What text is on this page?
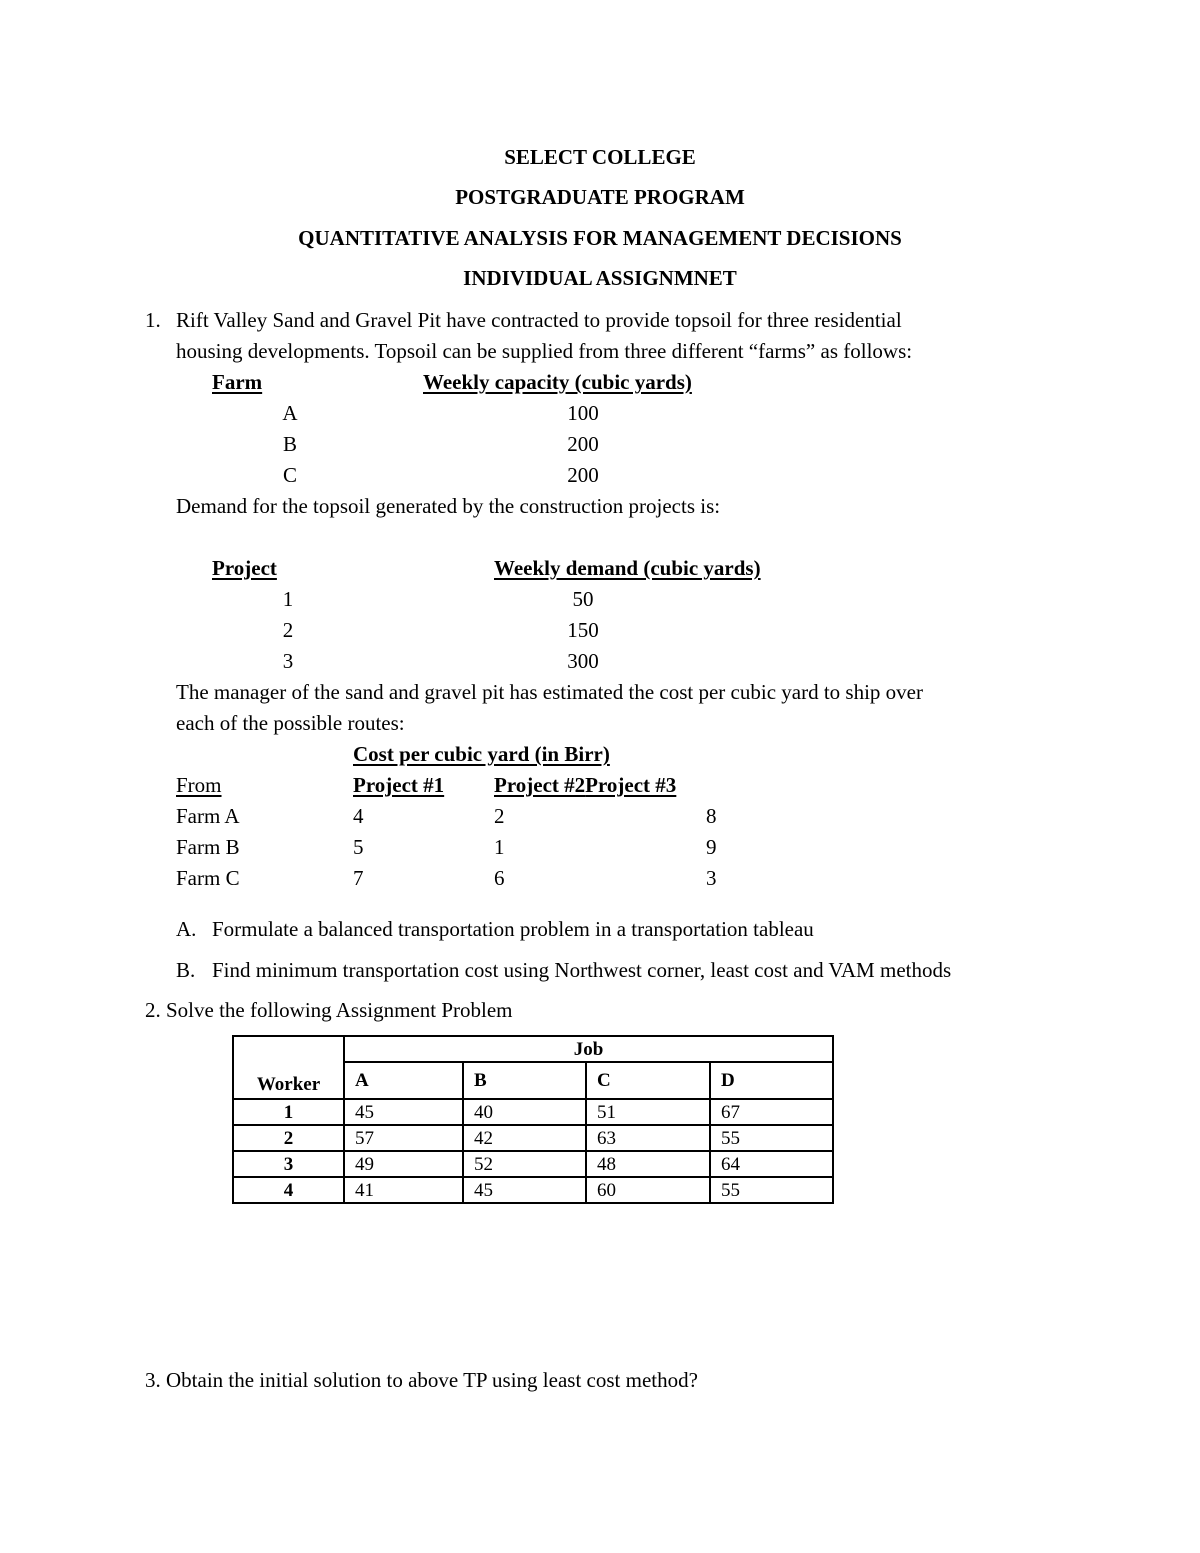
SELECT COLLEGE
POSTGRADUATE PROGRAM
QUANTITATIVE ANALYSIS FOR MANAGEMENT DECISIONS
INDIVIDUAL ASSIGNMNET
1. Rift Valley Sand and Gravel Pit have contracted to provide topsoil for three residential
housing developments. Topsoil can be supplied from three different “farms” as follows:
Farm	Weekly capacity (cubic yards)
A	100
B	200
C	200
Demand for the topsoil generated by the construction projects is:
Project	Weekly demand (cubic yards)
1	50
2	150
3	300
The manager of the sand and gravel pit has estimated the cost per cubic yard to ship over
each of the possible routes:
Cost per cubic yard (in Birr)
From	Project #1 Project #2Project #3
Farm A	4	2	8
Farm B	5	1	9
Farm C	7	6	3
A. Formulate a balanced transportation problem in a transportation tableau
B. Find minimum transportation cost using Northwest corner, least cost and VAM methods
2. Solve the following Assignment Problem
Worker	Job			
	A	B	C	D
1	45	40	51	67
2	57	42	63	55
3	49	52	48	64
4	41	45	60	55
3. Obtain the initial solution to above TP using least cost method?
